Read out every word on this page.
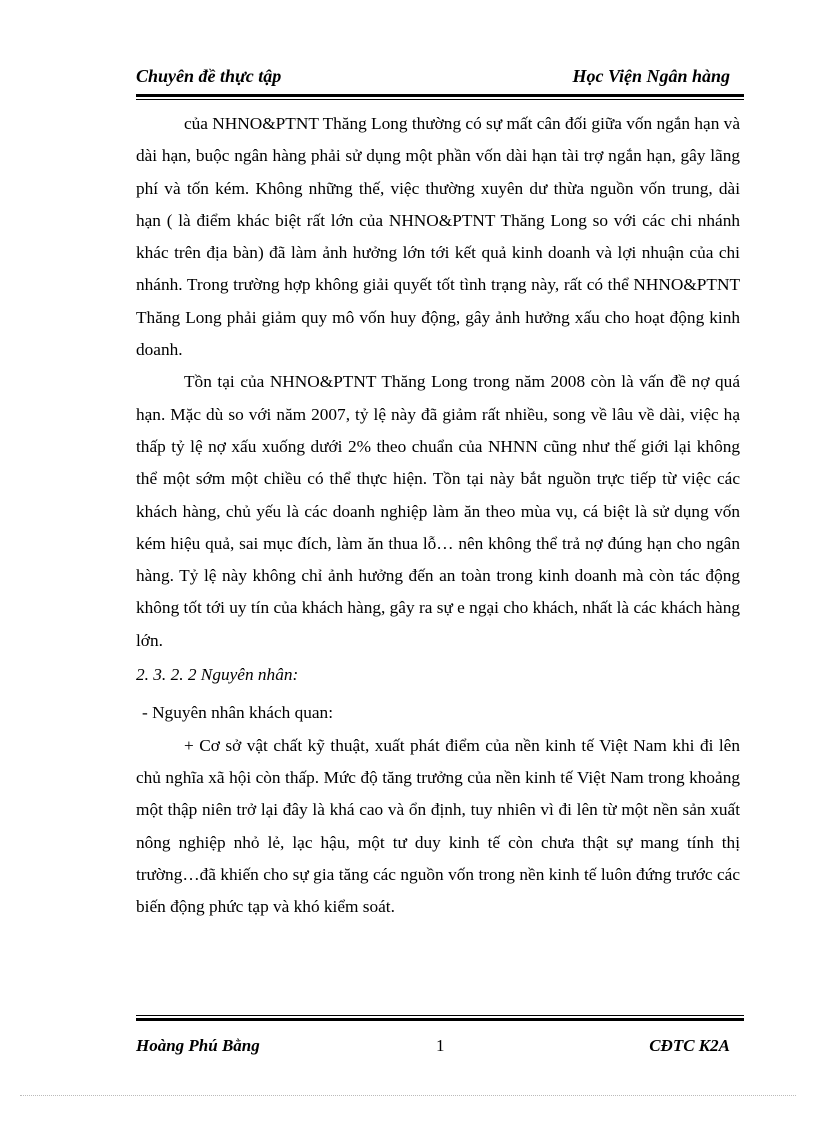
Chuyên đề thực tập	Học Viện Ngân hàng

của NHNO&PTNT Thăng Long thường có sự mất cân đối giữa vốn ngắn hạn và dài hạn, buộc ngân hàng phải sử dụng một phần vốn dài hạn tài trợ ngắn hạn, gây lãng phí và tốn kém. Không những thế, việc thường xuyên dư thừa nguồn vốn trung, dài hạn ( là điểm khác biệt rất lớn của NHNO&PTNT Thăng Long so với các chi nhánh khác trên địa bàn) đã làm ảnh hưởng lớn tới kết quả kinh doanh và lợi nhuận của chi nhánh. Trong trường hợp không giải quyết tốt tình trạng này, rất có thể NHNO&PTNT Thăng Long phải giảm quy mô vốn huy động, gây ảnh hưởng xấu cho hoạt động kinh doanh.

Tồn tại của NHNO&PTNT Thăng Long trong năm 2008 còn là vấn đề nợ quá hạn. Mặc dù so với năm 2007, tỷ lệ này đã giảm rất nhiều, song về lâu về dài, việc hạ thấp tỷ lệ nợ xấu xuống dưới 2% theo chuẩn của NHNN cũng như thế giới lại không thể một sớm một chiều có thể thực hiện. Tồn tại này bắt nguồn trực tiếp từ việc các khách hàng, chủ yếu là các doanh nghiệp làm ăn theo mùa vụ, cá biệt là sử dụng vốn kém hiệu quả, sai mục đích, làm ăn thua lỗ… nên không thể trả nợ đúng hạn cho ngân hàng. Tỷ lệ này không chỉ ảnh hưởng đến an toàn trong kinh doanh mà còn tác động không tốt tới uy tín của khách hàng, gây ra sự e ngại cho khách, nhất là các khách hàng lớn.

2. 3. 2. 2 Nguyên nhân:

- Nguyên nhân khách quan:

+ Cơ sở vật chất kỹ thuật, xuất phát điểm của nền kinh tế Việt Nam khi đi lên chủ nghĩa xã hội còn thấp. Mức độ tăng trưởng của nền kinh tế Việt Nam trong khoảng một thập niên trở lại đây là khá cao và ổn định, tuy nhiên vì đi lên từ một nền sản xuất nông nghiệp nhỏ lẻ, lạc hậu, một tư duy kinh tế còn chưa thật sự mang tính thị trường…đã khiến cho sự gia tăng các nguồn vốn trong nền kinh tế luôn đứng trước các biến động phức tạp và khó kiểm soát.

Hoàng Phú Bằng	1	CĐTC K2A
